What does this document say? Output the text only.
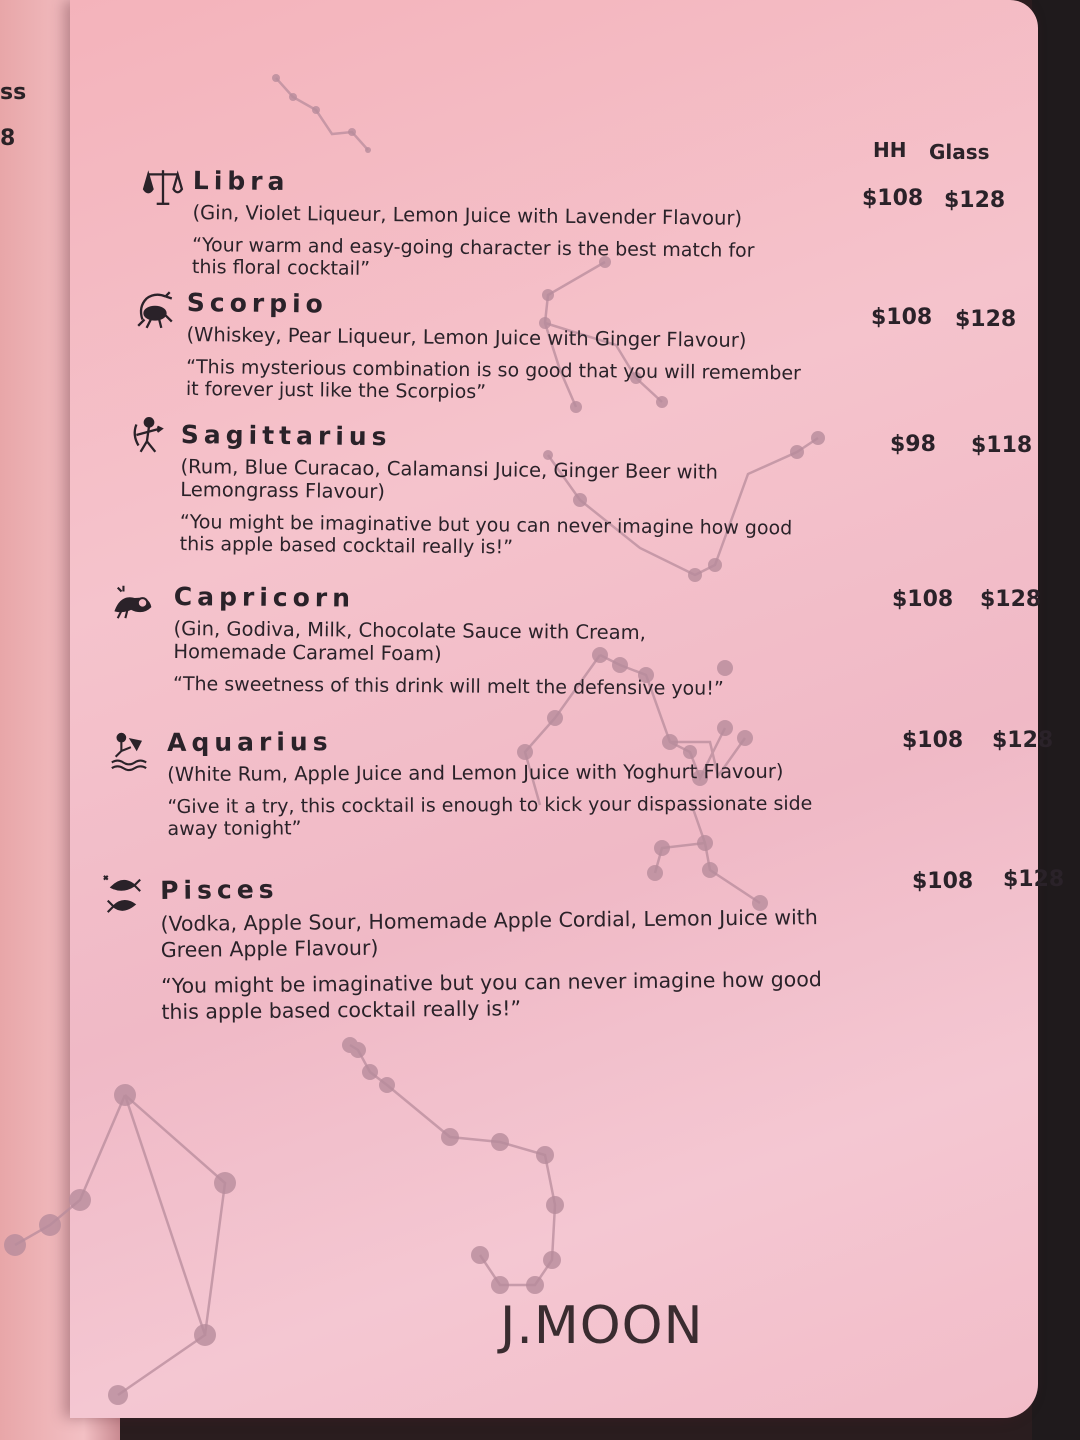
ss
8	HH Glass
Libra
(Gin, Violet Liqueur, Lemon Juice with Lavender Flavour)
“Your warm and easy-going character is the best match for
this floral cocktail”
$108 $128
Scorpio
(Whiskey, Pear Liqueur, Lemon Juice with Ginger Flavour)
“This mysterious combination is so good that you will remember
it forever just like the Scorpios”
$108 $128
Sagittarius
(Rum, Blue Curacao, Calamansi Juice, Ginger Beer with
Lemongrass Flavour)
“You might be imaginative but you can never imagine how good
this apple based cocktail really is!”
$98 $118
Capricorn
(Gin, Godiva, Milk, Chocolate Sauce with Cream,
Homemade Caramel Foam)
“The sweetness of this drink will melt the defensive you!”
$108 $128
Aquarius
(White Rum, Apple Juice and Lemon Juice with Yoghurt Flavour)
“Give it a try, this cocktail is enough to kick your dispassionate side
away tonight”
$108 $128
Pisces
(Vodka, Apple Sour, Homemade Apple Cordial, Lemon Juice with
Green Apple Flavour)
“You might be imaginative but you can never imagine how good
this apple based cocktail really is!”
$108 $128
J.MOON
